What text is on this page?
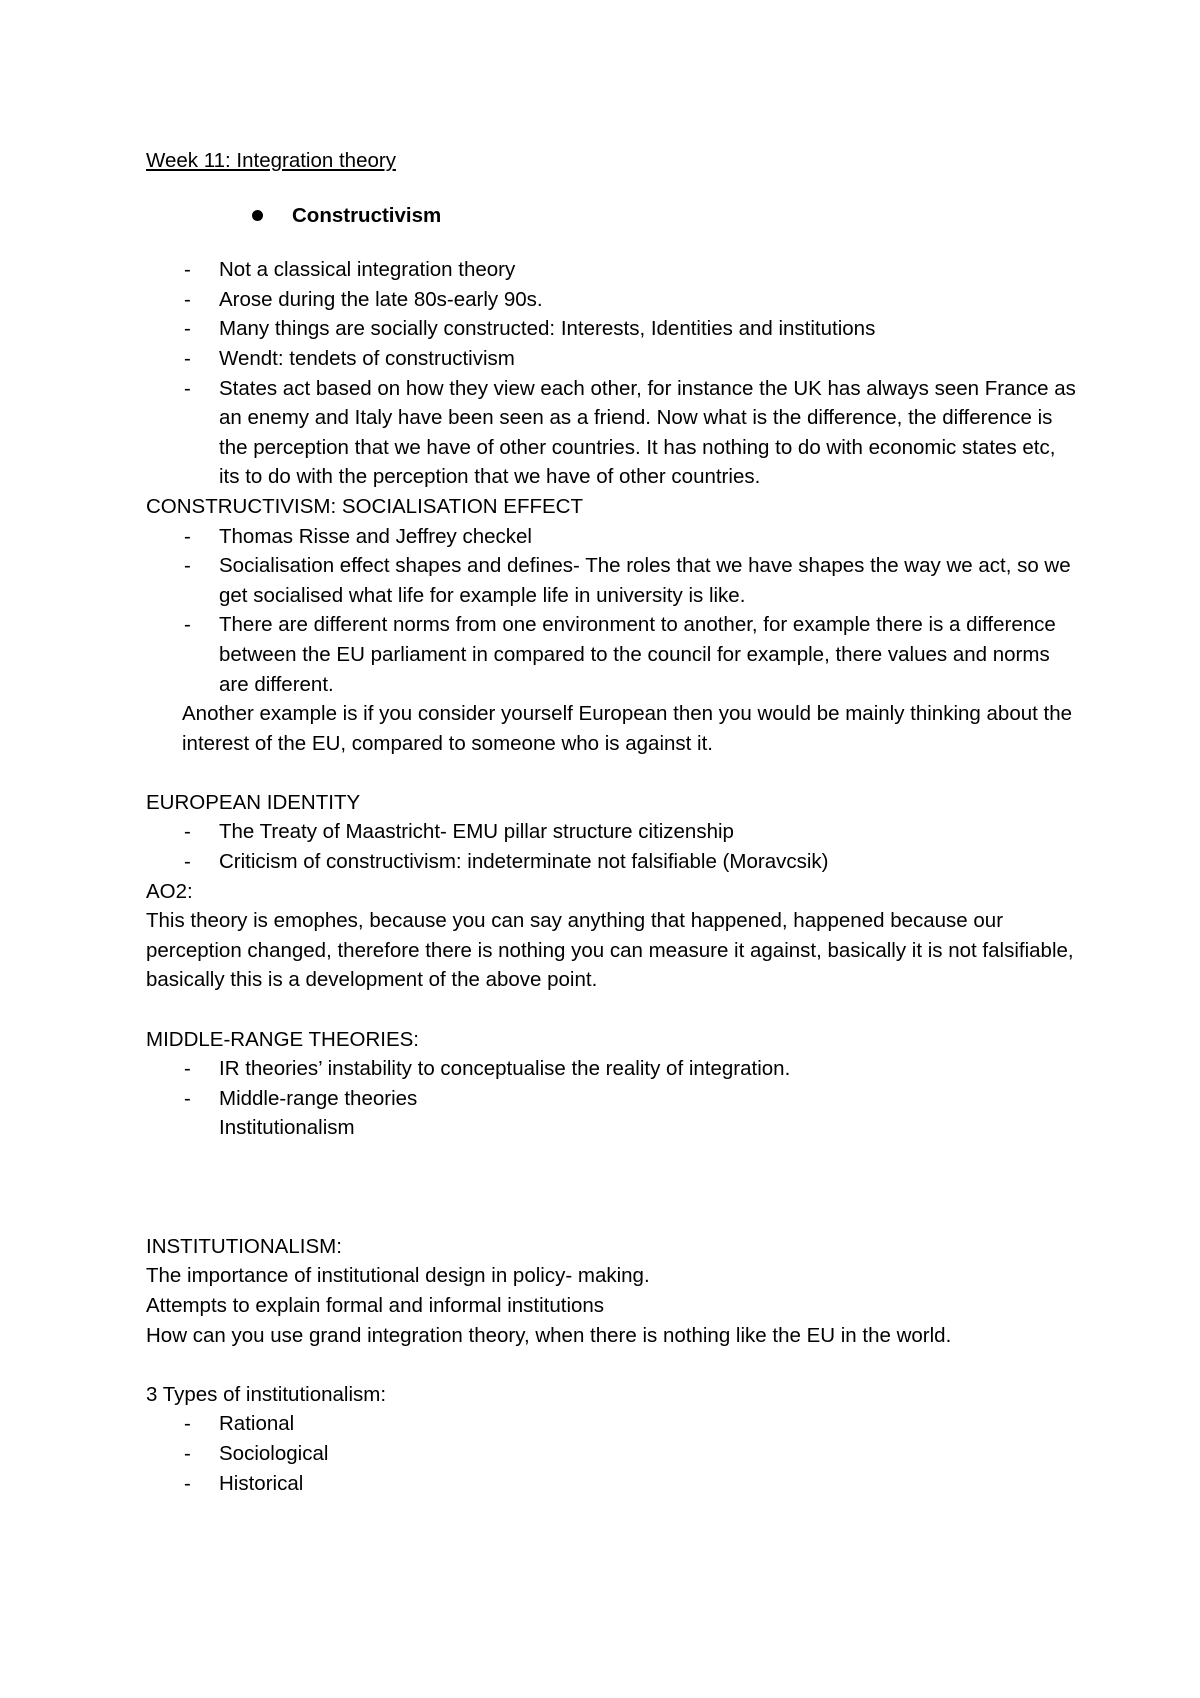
Week 11: Integration theory
Constructivism
- Not a classical integration theory
- Arose during the late 80s-early 90s.
- Many things are socially constructed: Interests, Identities and institutions
- Wendt: tendets of constructivism
- States act based on how they view each other, for instance the UK has always seen France as an enemy and Italy have been seen as a friend. Now what is the difference, the difference is the perception that we have of other countries. It has nothing to do with economic states etc, its to do with the perception that we have of other countries.
CONSTRUCTIVISM: SOCIALISATION EFFECT
- Thomas Risse and Jeffrey checkel
- Socialisation effect shapes and defines- The roles that we have shapes the way we act, so we get socialised what life for example life in university is like.
- There are different norms from one environment to another, for example there is a difference between the EU parliament in compared to the council for example, there values and norms are different.
Another example is if you consider yourself European then you would be mainly thinking about the interest of the EU, compared to someone who is against it.
EUROPEAN IDENTITY
- The Treaty of Maastricht- EMU pillar structure citizenship
- Criticism of constructivism: indeterminate not falsifiable (Moravcsik)
AO2:
This theory is emophes, because you can say anything that happened, happened because our perception changed, therefore there is nothing you can measure it against, basically it is not falsifiable, basically this is a development of the above point.
MIDDLE-RANGE THEORIES:
- IR theories’ instability to conceptualise the reality of integration.
- Middle-range theories
Institutionalism
INSTITUTIONALISM:
The importance of institutional design in policy- making.
Attempts to explain formal and informal institutions
How can you use grand integration theory, when there is nothing like the EU in the world.
3 Types of institutionalism:
- Rational
- Sociological
- Historical
